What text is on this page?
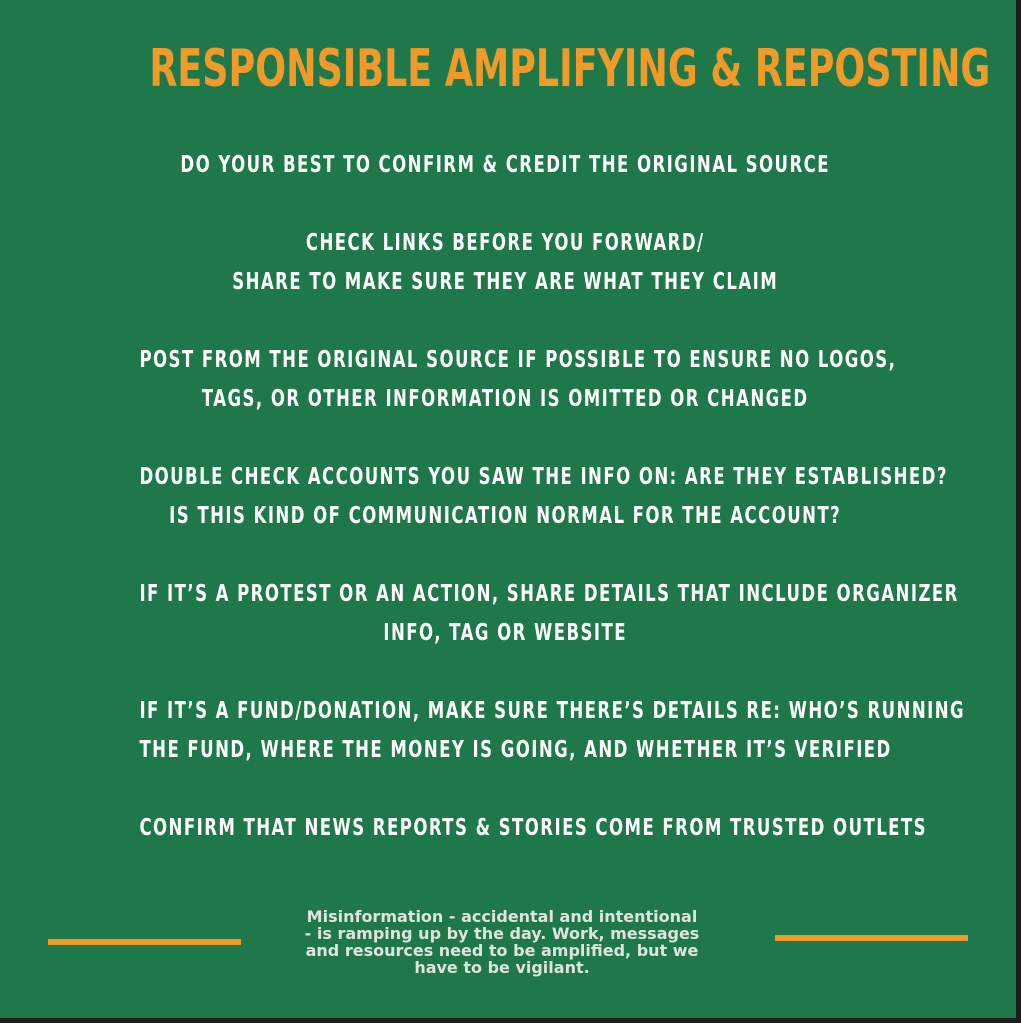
RESPONSIBLE AMPLIFYING & REPOSTING
DO YOUR BEST TO CONFIRM & CREDIT THE ORIGINAL SOURCE
CHECK LINKS BEFORE YOU FORWARD/
SHARE TO MAKE SURE THEY ARE WHAT THEY CLAIM
POST FROM THE ORIGINAL SOURCE IF POSSIBLE TO ENSURE NO LOGOS,
TAGS, OR OTHER INFORMATION IS OMITTED OR CHANGED
DOUBLE CHECK ACCOUNTS YOU SAW THE INFO ON: ARE THEY ESTABLISHED?
IS THIS KIND OF COMMUNICATION NORMAL FOR THE ACCOUNT?
IF IT’S A PROTEST OR AN ACTION, SHARE DETAILS THAT INCLUDE ORGANIZER
INFO, TAG OR WEBSITE
IF IT’S A FUND/DONATION, MAKE SURE THERE’S DETAILS RE: WHO’S RUNNING
THE FUND, WHERE THE MONEY IS GOING, AND WHETHER IT’S VERIFIED
CONFIRM THAT NEWS REPORTS & STORIES COME FROM TRUSTED OUTLETS
Misinformation - accidental and intentional
- is ramping up by the day. Work, messages
and resources need to be amplified, but we
have to be vigilant.
